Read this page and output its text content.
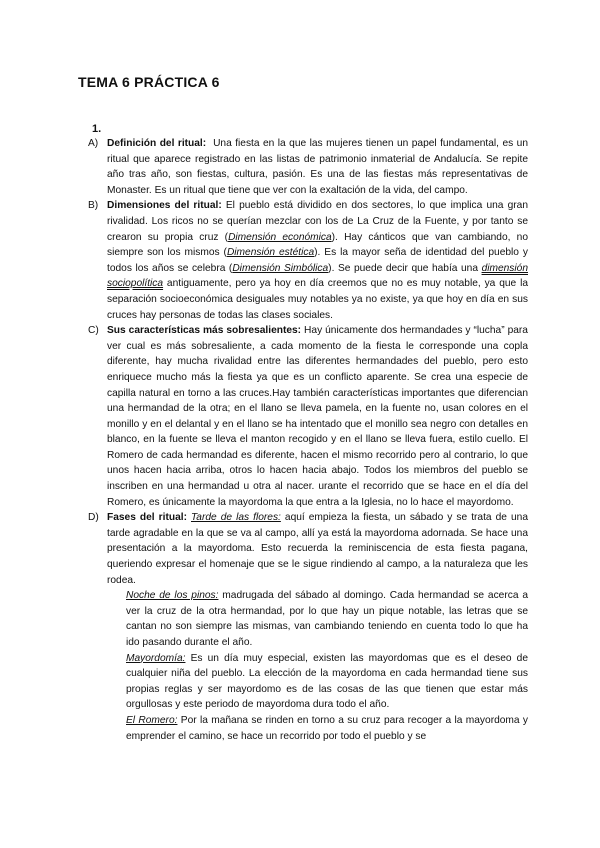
TEMA 6 PRÁCTICA 6
1.
A) Definición del ritual: Una fiesta en la que las mujeres tienen un papel fundamental, es un ritual que aparece registrado en las listas de patrimonio inmaterial de Andalucía. Se repite año tras año, son fiestas, cultura, pasión. Es una de las fiestas más representativas de Monaster. Es un ritual que tiene que ver con la exaltación de la vida, del campo.

B) Dimensiones del ritual: El pueblo está dividido en dos sectores, lo que implica una gran rivalidad. Los ricos no se querían mezclar con los de La Cruz de la Fuente, y por tanto se crearon su propia cruz (Dimensión económica). Hay cánticos que van cambiando, no siempre son los mismos (Dimensión estética). Es la mayor seña de identidad del pueblo y todos los años se celebra (Dimensión Simbólica). Se puede decir que había una dimensión sociopolítica antiguamente, pero ya hoy en día creemos que no es muy notable, ya que la separación socioeconómica desiguales muy notables ya no existe, ya que hoy en día en sus cruces hay personas de todas las clases sociales.

C) Sus características más sobresalientes: Hay únicamente dos hermandades y “lucha” para ver cual es más sobresaliente, a cada momento de la fiesta le corresponde una copla diferente, hay mucha rivalidad entre las diferentes hermandades del pueblo, pero esto enriquece mucho más la fiesta ya que es un conflicto aparente. Se crea una especie de capilla natural en torno a las cruces.Hay también características importantes que diferencian una hermandad de la otra; en el llano se lleva pamela, en la fuente no, usan colores en el monillo y en el delantal y en el llano se ha intentado que el monillo sea negro con detalles en blanco, en la fuente se lleva el manton recogido y en el llano se lleva fuera, estilo cuello. El Romero de cada hermandad es diferente, hacen el mismo recorrido pero al contrario, lo que unos hacen hacia arriba, otros lo hacen hacia abajo. Todos los miembros del pueblo se inscriben en una hermandad u otra al nacer. urante el recorrido que se hace en el día del Romero, es únicamente la mayordoma la que entra a la Iglesia, no lo hace el mayordomo.

D) Fases del ritual: Tarde de las flores: aquí empieza la fiesta, un sábado y se trata de una tarde agradable en la que se va al campo, allí ya está la mayordoma adornada. Se hace una presentación a la mayordoma. Esto recuerda la reminiscencia de esta fiesta pagana, queriendo expresar el homenaje que se le sigue rindiendo al campo, a la naturaleza que les rodea.

Noche de los pinos: madrugada del sábado al domingo. Cada hermandad se acerca a ver la cruz de la otra hermandad, por lo que hay un pique notable, las letras que se cantan no son siempre las mismas, van cambiando teniendo en cuenta todo lo que ha ido pasando durante el año.

Mayordomía: Es un día muy especial, existen las mayordomas que es el deseo de cualquier niña del pueblo. La elección de la mayordoma en cada hermandad tiene sus propias reglas y ser mayordomo es de las cosas de las que tienen que estar más orgullosas y este periodo de mayordoma dura todo el año.

El Romero: Por la mañana se rinden en torno a su cruz para recoger a la mayordoma y emprender el camino, se hace un recorrido por todo el pueblo y se
